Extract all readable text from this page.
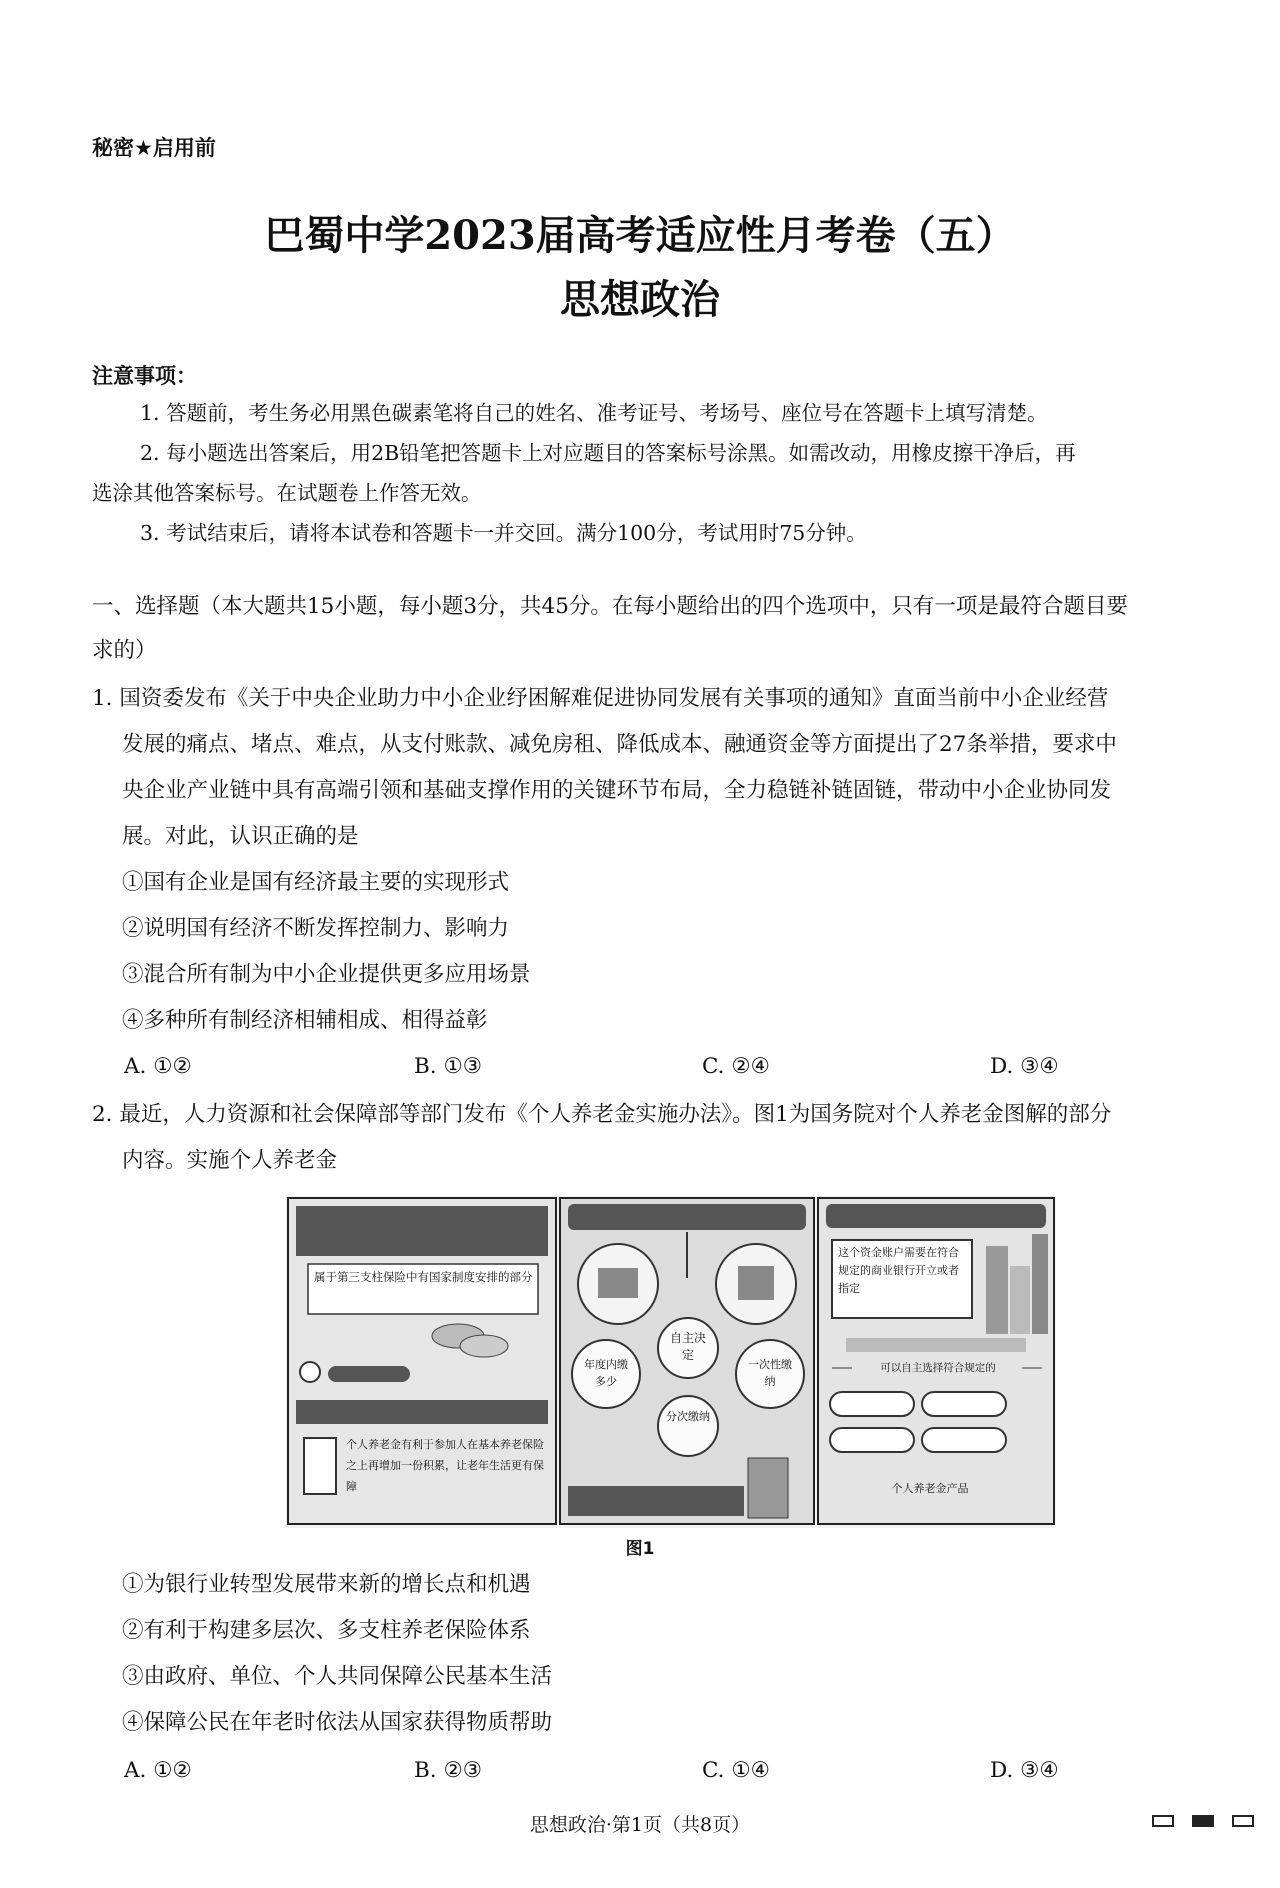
秘密★启用前
巴蜀中学2023届高考适应性月考卷（五）
思想政治
注意事项：
1. 答题前，考生务必用黑色碳素笔将自己的姓名、准考证号、考场号、座位号在答题卡上填写清楚。
2. 每小题选出答案后，用2B铅笔把答题卡上对应题目的答案标号涂黑。如需改动，用橡皮擦干净后，再
选涂其他答案标号。在试题卷上作答无效。
3. 考试结束后，请将本试卷和答题卡一并交回。满分100分，考试用时75分钟。
一、选择题（本大题共15小题，每小题3分，共45分。在每小题给出的四个选项中，只有一项是最符合题目要
求的）
1. 国资委发布《关于中央企业助力中小企业纾困解难促进协同发展有关事项的通知》直面当前中小企业经营
发展的痛点、堵点、难点，从支付账款、减免房租、降低成本、融通资金等方面提出了27条举措，要求中
央企业产业链中具有高端引领和基础支撑作用的关键环节布局，全力稳链补链固链，带动中小企业协同发
展。对此，认识正确的是
①国有企业是国有经济最主要的实现形式
②说明国有经济不断发挥控制力、影响力
③混合所有制为中小企业提供更多应用场景
④多种所有制经济相辅相成、相得益彰
A. ①②	B. ①③	C. ②④	D. ③④
2. 最近，人力资源和社会保障部等部门发布《个人养老金实施办法》。图1为国务院对个人养老金图解的部分
内容。实施个人养老金
属于第三支柱保险中有国家制度安排的部分
个人养老金有利于参加人在基本养老保险之上再增加一份积累，让老年生活更有保障
自主决定
年度内缴多少
一次性缴纳
分次缴纳
这个资金账户需要在符合规定的商业银行开立或者指定
可以自主选择符合规定的
个人养老金产品
图1
①为银行业转型发展带来新的增长点和机遇
②有利于构建多层次、多支柱养老保险体系
③由政府、单位、个人共同保障公民基本生活
④保障公民在年老时依法从国家获得物质帮助
A. ①②	B. ②③	C. ①④	D. ③④
思想政治·第1页（共8页）
